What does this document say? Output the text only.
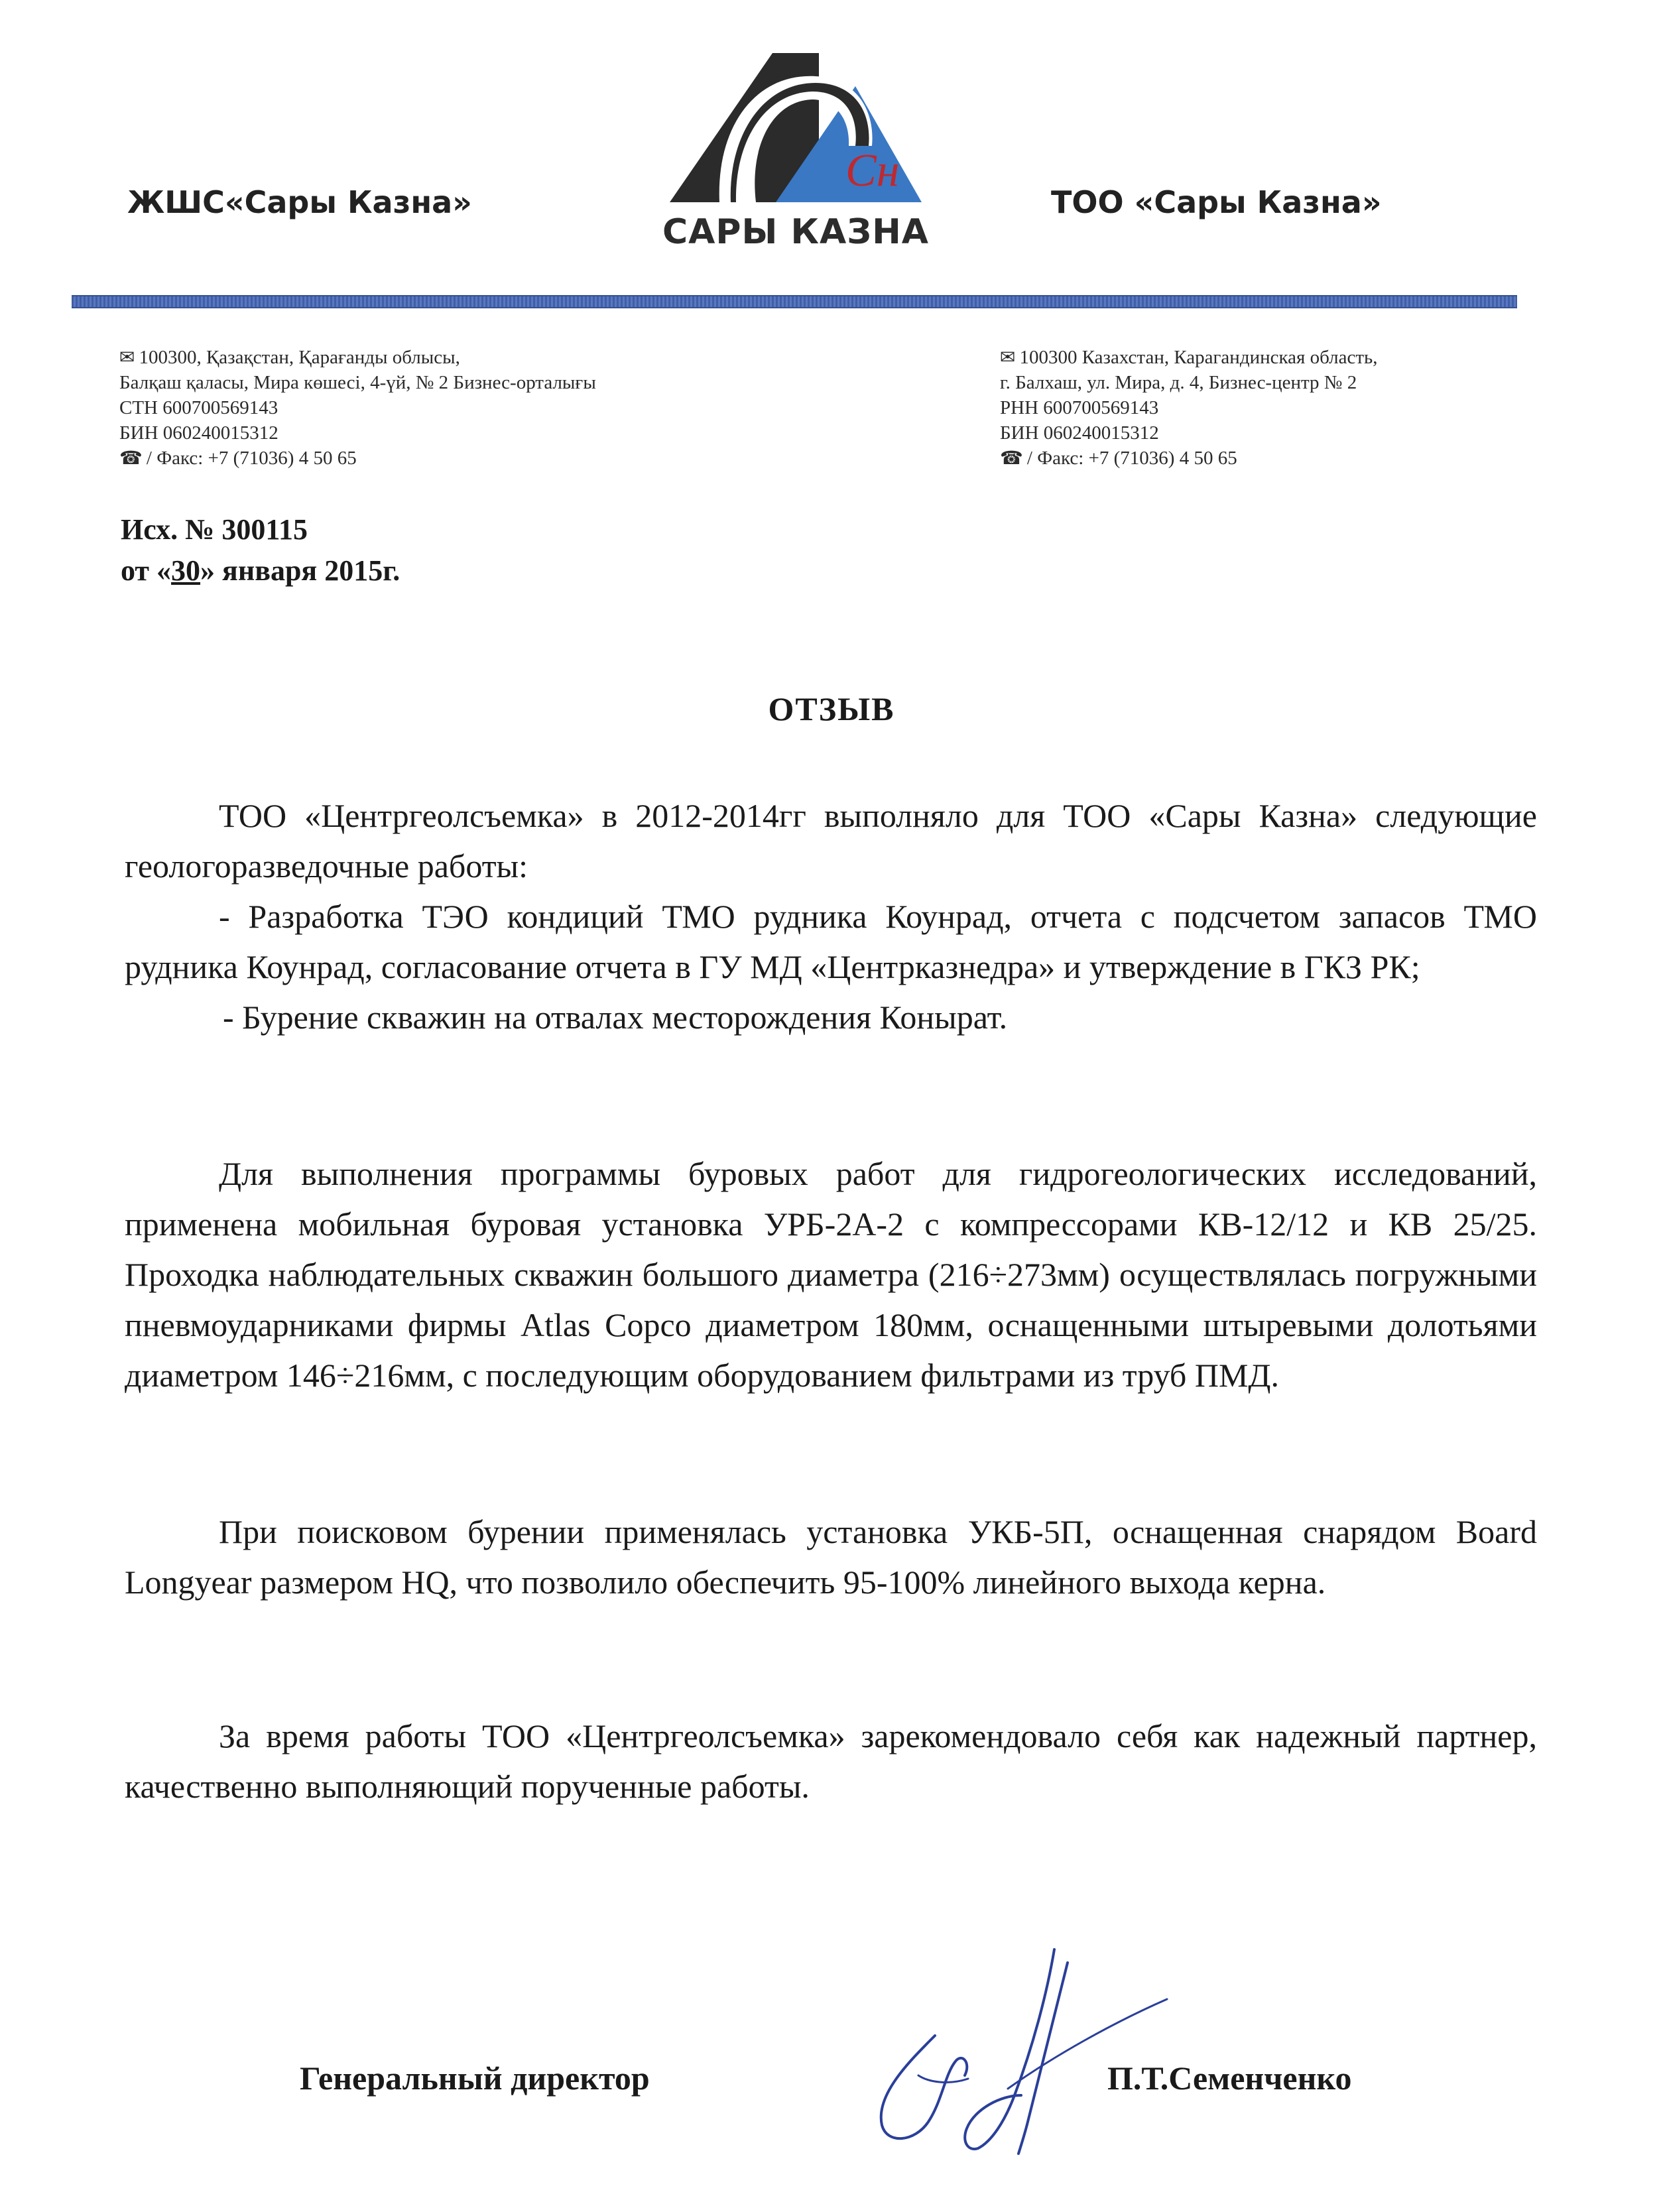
ЖШС«Сары Казна»	ТОО «Сары Казна»
Сн
САРЫ КАЗНА
✉ 100300, Қазақстан, Қарағанды облысы,
Балқаш қаласы, Мира көшесі, 4-үй, № 2 Бизнес-орталығы
СТН 600700569143
БИН 060240015312
☎ / Факс: +7 (71036) 4 50 65
✉ 100300 Казахстан, Карагандинская область,
г. Балхаш, ул. Мира, д. 4, Бизнес-центр № 2
РНН 600700569143
БИН 060240015312
☎ / Факс: +7 (71036) 4 50 65
Исх. № 300115
от «30» января 2015г.
ОТЗЫВ

ТОО «Центргеолсъемка» в 2012-2014гг выполняло для ТОО «Сары Казна» следующие геологоразведочные работы:

- Разработка ТЭО кондиций ТМО рудника Коунрад, отчета с подсчетом запасов ТМО рудника Коунрад, согласование отчета в ГУ МД «Центрказнедра» и утверждение в ГКЗ РК;

- Бурение скважин на отвалах месторождения Конырат.

Для выполнения программы буровых работ для гидрогеологических исследований, применена мобильная буровая установка УРБ-2А-2 с компрессорами КВ-12/12 и КВ 25/25. Проходка наблюдательных скважин большого диаметра (216÷273мм) осуществлялась погружными пневмоударниками фирмы Atlas Copco диаметром 180мм, оснащенными штыревыми долотьями диаметром 146÷216мм, с последующим оборудованием фильтрами из труб ПМД.

При поисковом бурении применялась установка УКБ-5П, оснащенная снарядом Board Longyear размером HQ, что позволило обеспечить 95-100% линейного выхода керна.

За время работы ТОО «Центргеолсъемка» зарекомендовало себя как надежный партнер, качественно выполняющий порученные работы.

Генеральный директор	П.Т.Семенченко
